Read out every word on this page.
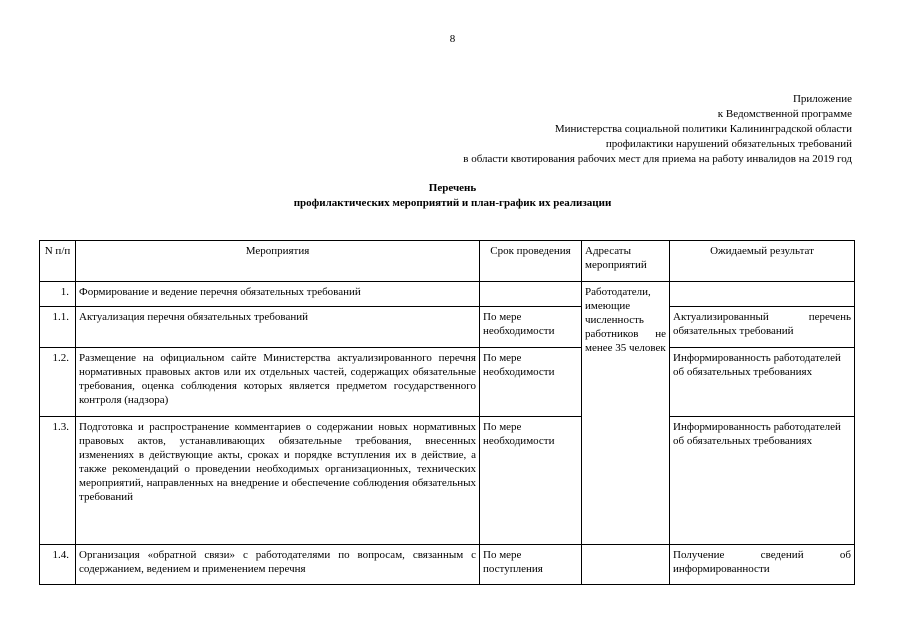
8
Приложение
к Ведомственной программе
Министерства социальной политики Калининградской области
профилактики нарушений обязательных требований
в области квотирования рабочих мест для приема на работу инвалидов на 2019 год
Перечень
профилактических мероприятий и план-график их реализации
N п/п	Мероприятия	Срок проведения	Адресаты мероприятий	Ожидаемый результат
1.	Формирование и ведение перечня обязательных требований		Работодатели, имеющие численность работников не менее 35 человек	
1.1.	Актуализация перечня обязательных требований	По мере необходимости		Актуализированный перечень обязательных требований
1.2.	Размещение на официальном сайте Министерства актуализированного перечня нормативных правовых актов или их отдельных частей, содержащих обязательные требования, оценка соблюдения которых является предметом государственного контроля (надзора)	По мере необходимости		Информированность работодателей об обязательных требованиях
1.3.	Подготовка и распространение комментариев о содержании новых нормативных правовых актов, устанавливающих обязательные требования, внесенных изменениях в действующие акты, сроках и порядке вступления их в действие, а также рекомендаций о проведении необходимых организационных, технических мероприятий, направленных на внедрение и обеспечение соблюдения обязательных требований	По мере необходимости		Информированность работодателей об обязательных требованиях
1.4.	Организация «обратной связи» с работодателями по вопросам, связанным с содержанием, ведением и применением перечня	По мере поступления		Получение сведений об информированности
